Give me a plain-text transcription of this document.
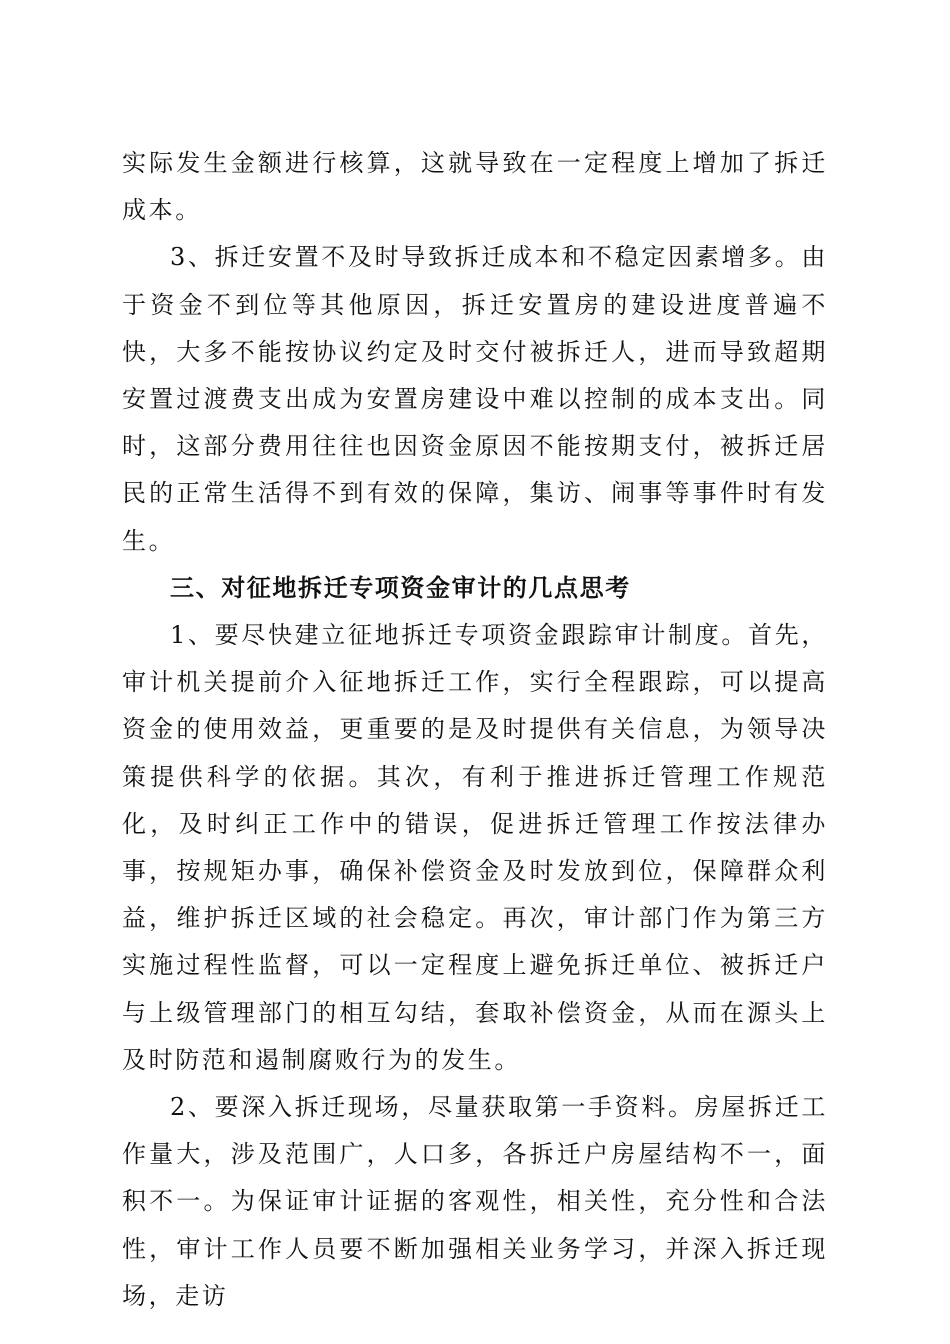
实际发生金额进行核算，这就导致在一定程度上增加了拆迁成本。

3、拆迁安置不及时导致拆迁成本和不稳定因素增多。由于资金不到位等其他原因，拆迁安置房的建设进度普遍不快，大多不能按协议约定及时交付被拆迁人，进而导致超期安置过渡费支出成为安置房建设中难以控制的成本支出。同时，这部分费用往往也因资金原因不能按期支付，被拆迁居民的正常生活得不到有效的保障，集访、闹事等事件时有发生。

三、对征地拆迁专项资金审计的几点思考

1、要尽快建立征地拆迁专项资金跟踪审计制度。首先，审计机关提前介入征地拆迁工作，实行全程跟踪，可以提高资金的使用效益，更重要的是及时提供有关信息，为领导决策提供科学的依据。其次，有利于推进拆迁管理工作规范化，及时纠正工作中的错误，促进拆迁管理工作按法律办事，按规矩办事，确保补偿资金及时发放到位，保障群众利益，维护拆迁区域的社会稳定。再次，审计部门作为第三方实施过程性监督，可以一定程度上避免拆迁单位、被拆迁户与上级管理部门的相互勾结，套取补偿资金，从而在源头上及时防范和遏制腐败行为的发生。

2、要深入拆迁现场，尽量获取第一手资料。房屋拆迁工作量大，涉及范围广，人口多，各拆迁户房屋结构不一，面积不一。为保证审计证据的客观性，相关性，充分性和合法性，审计工作人员要不断加强相关业务学习，并深入拆迁现场，走访
